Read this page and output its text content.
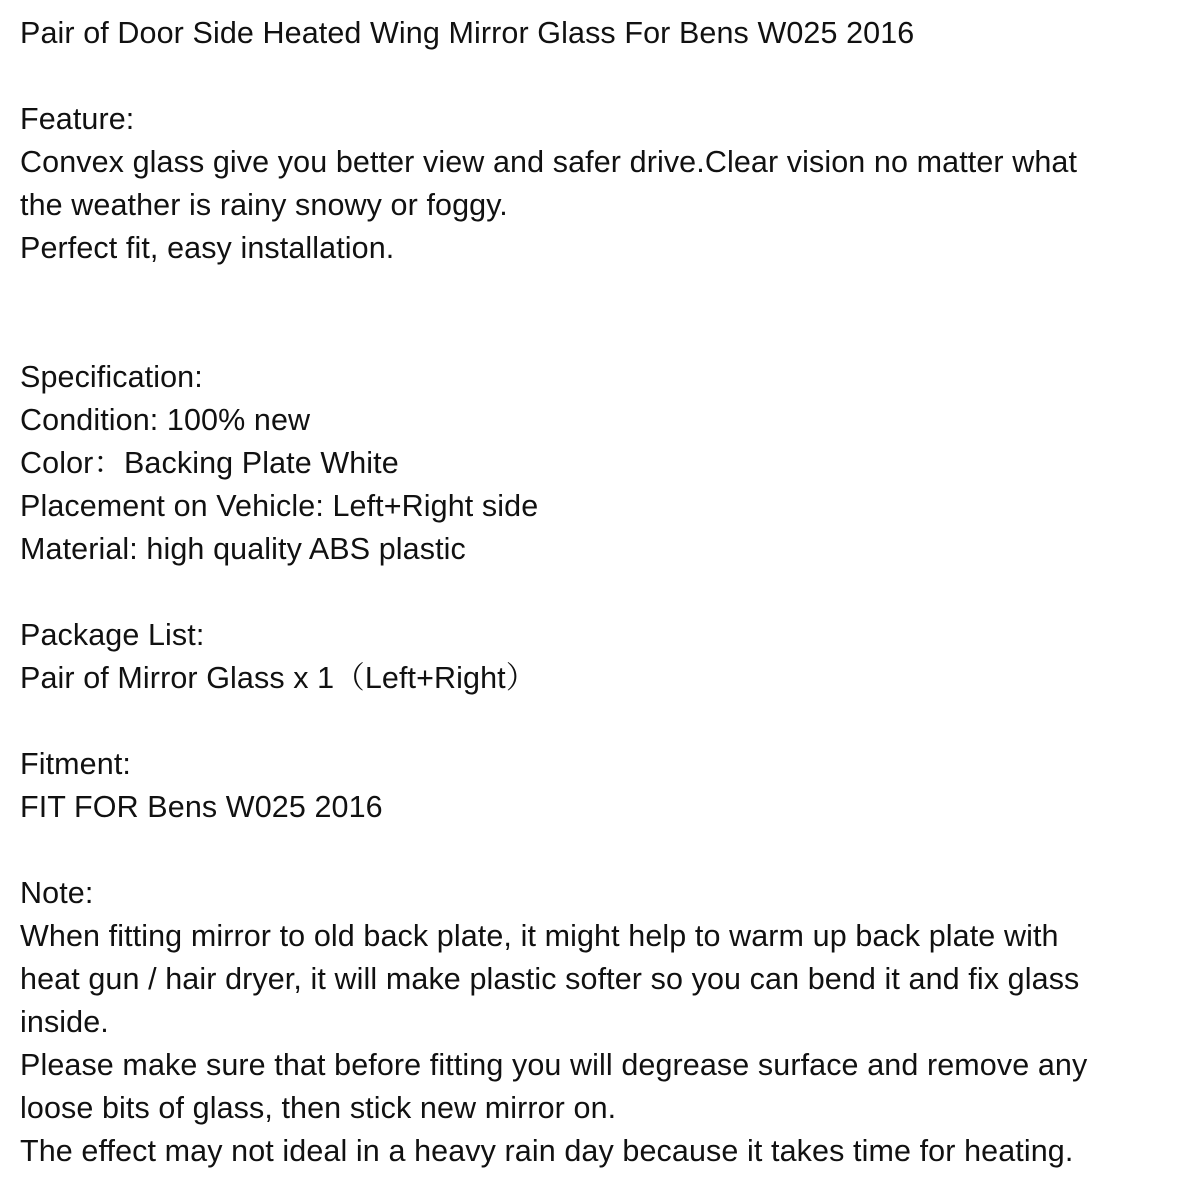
Pair of Door Side Heated Wing Mirror Glass For Bens W025 2016
Feature:
Convex glass give you better view and safer drive.Clear vision no matter what
the weather is rainy snowy or foggy.
Perfect fit, easy installation.
Specification:
Condition: 100% new
Color：Backing Plate White
Placement on Vehicle: Left+Right side
Material: high quality ABS plastic
Package List:
Pair of Mirror Glass x 1（Left+Right）
Fitment:
FIT FOR Bens W025 2016
Note:
When fitting mirror to old back plate, it might help to warm up back plate with
heat gun / hair dryer, it will make plastic softer so you can bend it and fix glass
inside.
Please make sure that before fitting you will degrease surface and remove any
loose bits of glass, then stick new mirror on.
The effect may not ideal in a heavy rain day because it takes time for heating.
